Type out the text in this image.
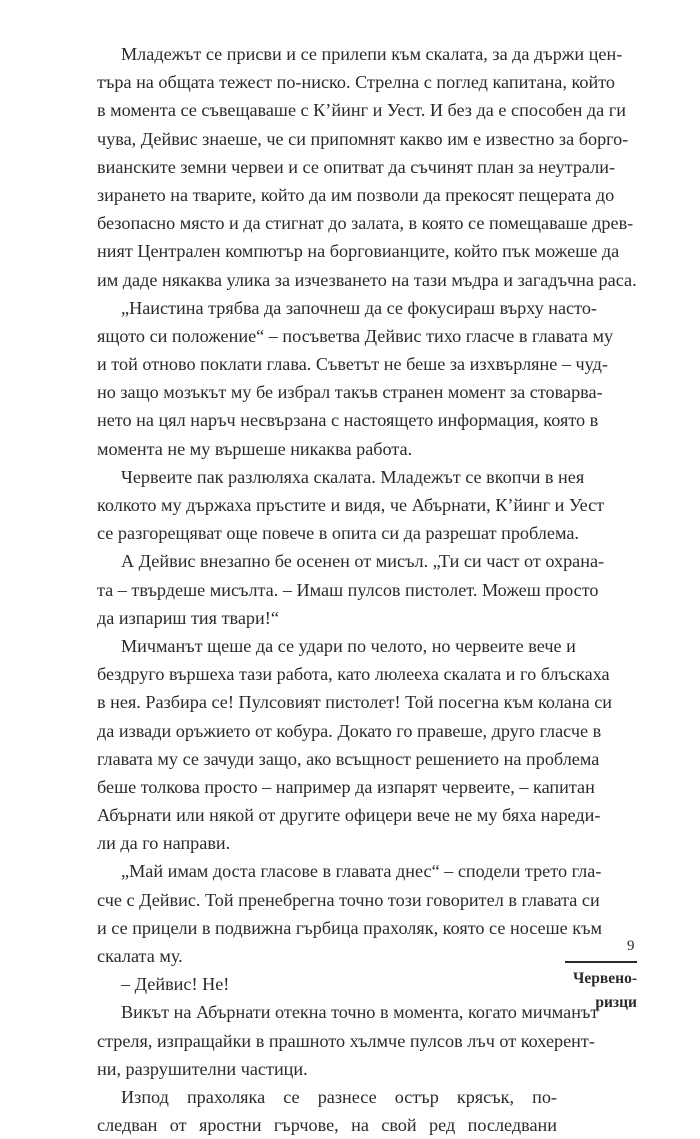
Младежът се присви и се прилепи към скалата, за да държи цен-
търа на общата тежест по-ниско. Стрелна с поглед капитана, който
в момента се съвещаваше с К’йинг и Уест. И без да е способен да ги
чува, Дейвис знаеше, че си припомнят какво им е известно за борго-
вианските земни червеи и се опитват да съчинят план за неутрали-
зирането на тварите, който да им позволи да прекосят пещерата до
безопасно място и да стигнат до залата, в която се помещаваше древ-
ният Централен компютър на борговианците, който пък можеше да
им даде някаква улика за изчезването на тази мъдра и загадъчна раса.
„Наистина трябва да започнеш да се фокусираш върху насто-
ящото си положение“ – посъветва Дейвис тихо гласче в главата му
и той отново поклати глава. Съветът не беше за изхвърляне – чуд-
но защо мозъкът му бе избрал такъв странен момент за стоварва-
нето на цял наръч несвързана с настоящето информация, която в
момента не му вършеше никаква работа.
Червеите пак разлюляха скалата. Младежът се вкопчи в нея
колкото му държаха пръстите и видя, че Абърнати, К’йинг и Уест
се разгорещяват още повече в опита си да разрешат проблема.
А Дейвис внезапно бе осенен от мисъл. „Ти си част от охрана-
та – твърдеше мисълта. – Имаш пулсов пистолет. Можеш просто
да изпариш тия твари!“
Мичманът щеше да се удари по челото, но червеите вече и
бездруго вършеха тази работа, като люлееха скалата и го блъскаха
в нея. Разбира се! Пулсовият пистолет! Той посегна към колана си
да извади оръжието от кобура. Докато го правеше, друго гласче в
главата му се зачуди защо, ако всъщност решението на проблема
беше толкова просто – например да изпарят червеите, – капитан
Абърнати или някой от другите офицери вече не му бяха нареди-
ли да го направи.
„Май имам доста гласове в главата днес“ – сподели трето гла-
сче с Дейвис. Той пренебрегна точно този говорител в главата си
и се прицели в подвижна гърбица прахоляк, която се носеше към
скалата му.
– Дейвис! Не!
Викът на Абърнати отекна точно в момента, когато мичманът
стреля, изпращайки в прашното хълмче пулсов лъч от кохерент-
ни, разрушителни частици.
Изпод прахоляка се разнесе остър крясък, по-
следван от яростни гърчове, на свой ред последвани
9
Червено-
ризци
